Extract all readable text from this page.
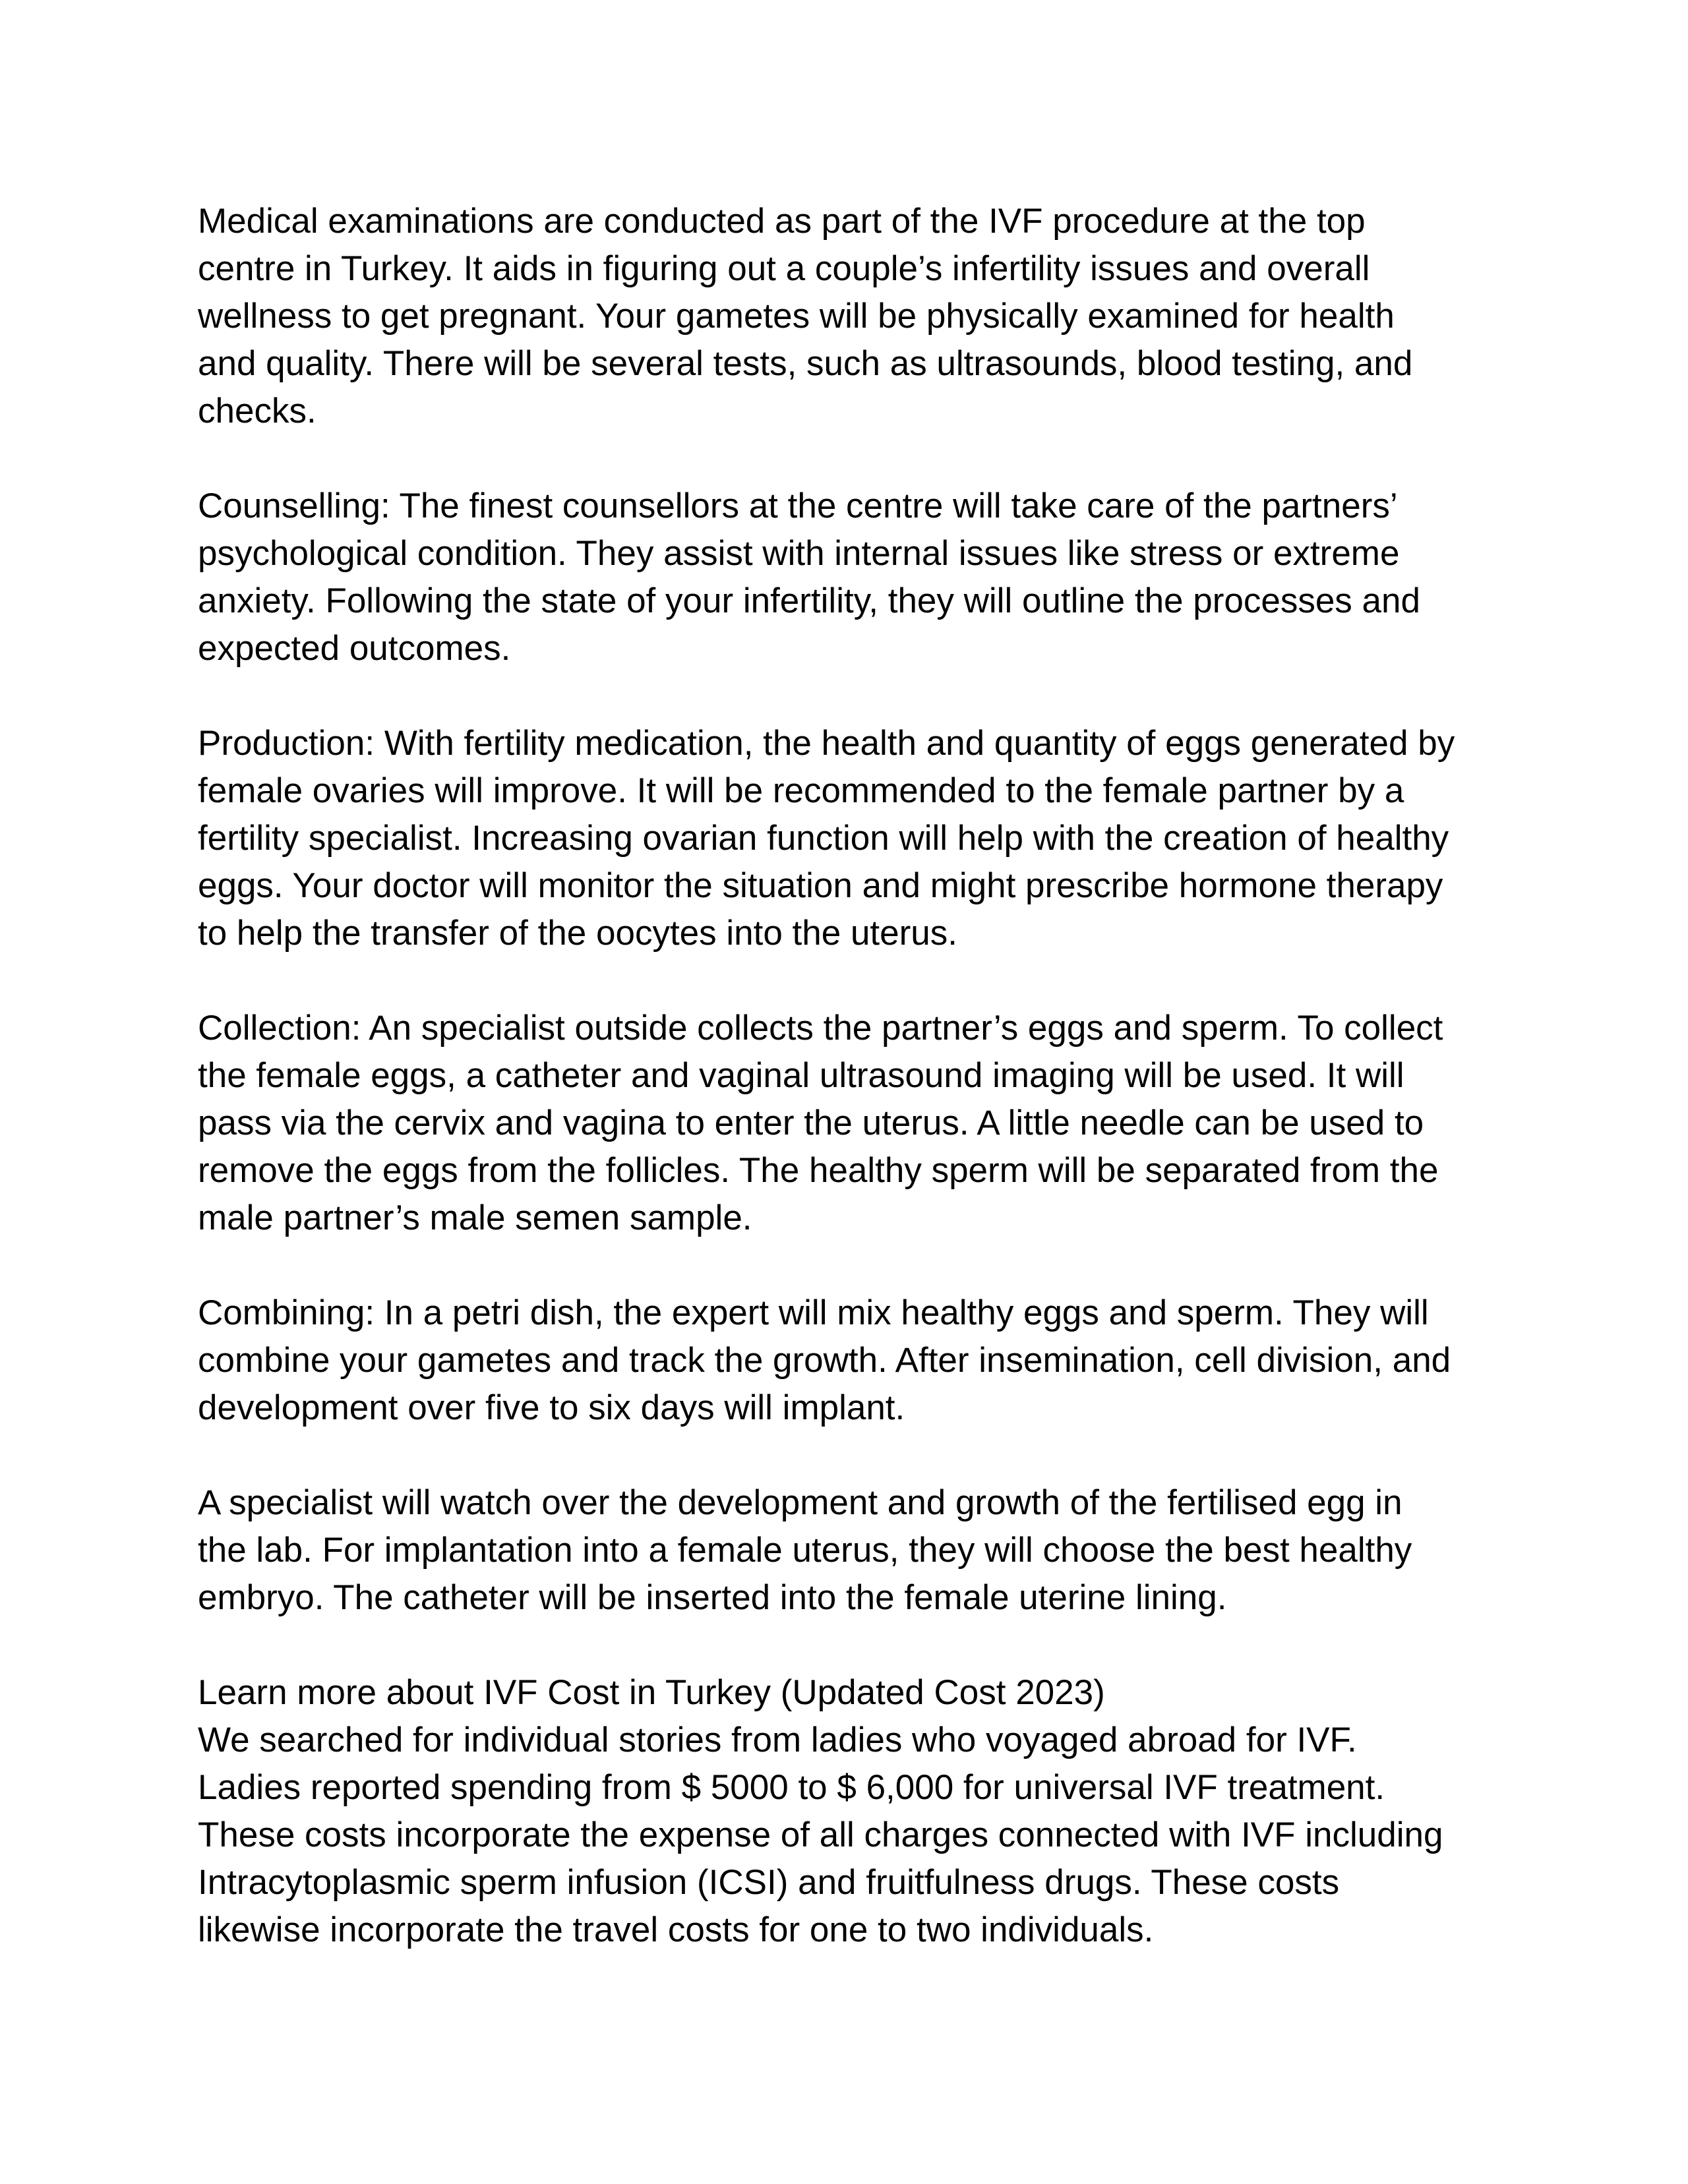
Medical examinations are conducted as part of the IVF procedure at the top
centre in Turkey. It aids in figuring out a couple’s infertility issues and overall
wellness to get pregnant. Your gametes will be physically examined for health
and quality. There will be several tests, such as ultrasounds, blood testing, and
checks.

Counselling: The finest counsellors at the centre will take care of the partners’
psychological condition. They assist with internal issues like stress or extreme
anxiety. Following the state of your infertility, they will outline the processes and
expected outcomes.

Production: With fertility medication, the health and quantity of eggs generated by
female ovaries will improve. It will be recommended to the female partner by a
fertility specialist. Increasing ovarian function will help with the creation of healthy
eggs. Your doctor will monitor the situation and might prescribe hormone therapy
to help the transfer of the oocytes into the uterus.

Collection: An specialist outside collects the partner’s eggs and sperm. To collect
the female eggs, a catheter and vaginal ultrasound imaging will be used. It will
pass via the cervix and vagina to enter the uterus. A little needle can be used to
remove the eggs from the follicles. The healthy sperm will be separated from the
male partner’s male semen sample.

Combining: In a petri dish, the expert will mix healthy eggs and sperm. They will
combine your gametes and track the growth. After insemination, cell division, and
development over five to six days will implant.

A specialist will watch over the development and growth of the fertilised egg in
the lab. For implantation into a female uterus, they will choose the best healthy
embryo. The catheter will be inserted into the female uterine lining.

Learn more about IVF Cost in Turkey (Updated Cost 2023)
We searched for individual stories from ladies who voyaged abroad for IVF.
Ladies reported spending from $ 5000 to $ 6,000 for universal IVF treatment.
These costs incorporate the expense of all charges connected with IVF including
Intracytoplasmic sperm infusion (ICSI) and fruitfulness drugs. These costs
likewise incorporate the travel costs for one to two individuals.
